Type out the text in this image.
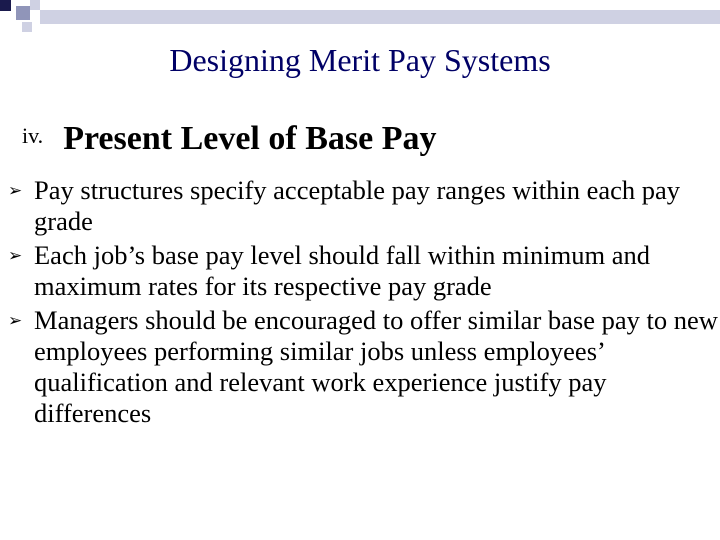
Designing Merit Pay Systems
iv. Present Level of Base Pay
➢ Pay structures specify acceptable pay ranges within each pay grade
➢ Each job’s base pay level should fall within minimum and maximum rates for its respective pay grade
➢ Managers should be encouraged to offer similar base pay to new employees performing similar jobs unless employees’ qualification and relevant work experience justify pay differences
